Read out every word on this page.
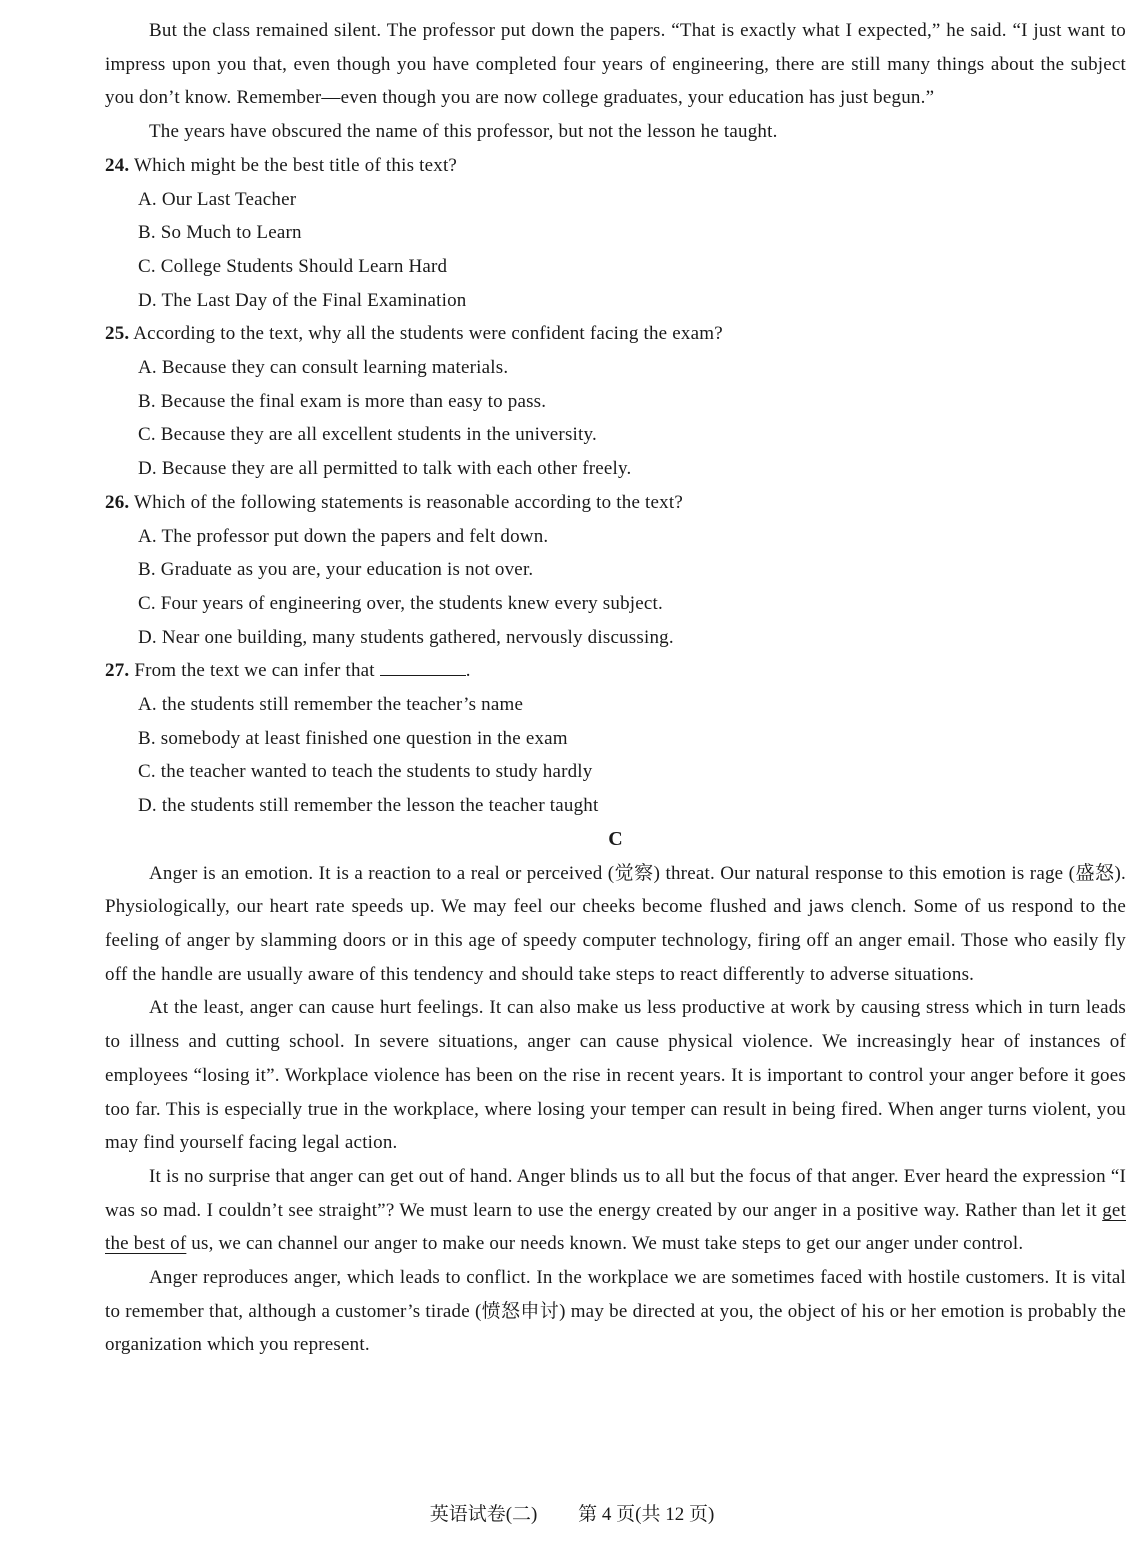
But the class remained silent. The professor put down the papers. “That is exactly what I expected,” he said. “I just want to impress upon you that, even though you have completed four years of engineering, there are still many things about the subject you don’t know. Remember—even though you are now college graduates, your education has just begun.”

The years have obscured the name of this professor, but not the lesson he taught.

24. Which might be the best title of this text?

A. Our Last Teacher

B. So Much to Learn

C. College Students Should Learn Hard

D. The Last Day of the Final Examination

25. According to the text, why all the students were confident facing the exam?

A. Because they can consult learning materials.

B. Because the final exam is more than easy to pass.

C. Because they are all excellent students in the university.

D. Because they are all permitted to talk with each other freely.

26. Which of the following statements is reasonable according to the text?

A. The professor put down the papers and felt down.

B. Graduate as you are, your education is not over.

C. Four years of engineering over, the students knew every subject.

D. Near one building, many students gathered, nervously discussing.

27. From the text we can infer that	.

A. the students still remember the teacher’s name

B. somebody at least finished one question in the exam

C. the teacher wanted to teach the students to study hardly

D. the students still remember the lesson the teacher taught

C

Anger is an emotion. It is a reaction to a real or perceived (觉察) threat. Our natural response to this emotion is rage (盛怒). Physiologically, our heart rate speeds up. We may feel our cheeks become flushed and jaws clench. Some of us respond to the feeling of anger by slamming doors or in this age of speedy computer technology, firing off an anger email. Those who easily fly off the handle are usually aware of this tendency and should take steps to react differently to adverse situations.

At the least, anger can cause hurt feelings. It can also make us less productive at work by causing stress which in turn leads to illness and cutting school. In severe situations, anger can cause physical violence. We increasingly hear of instances of employees “losing it”. Workplace violence has been on the rise in recent years. It is important to control your anger before it goes too far. This is especially true in the workplace, where losing your temper can result in being fired. When anger turns violent, you may find yourself facing legal action.

It is no surprise that anger can get out of hand. Anger blinds us to all but the focus of that anger. Ever heard the expression “I was so mad. I couldn’t see straight”? We must learn to use the energy created by our anger in a positive way. Rather than let it get the best of us, we can channel our anger to make our needs known. We must take steps to get our anger under control.

Anger reproduces anger, which leads to conflict. In the workplace we are sometimes faced with hostile customers. It is vital to remember that, although a customer’s tirade (愤怒申讨) may be directed at you, the object of his or her emotion is probably the organization which you represent.

英语试卷(二) 第 4 页(共 12 页)
